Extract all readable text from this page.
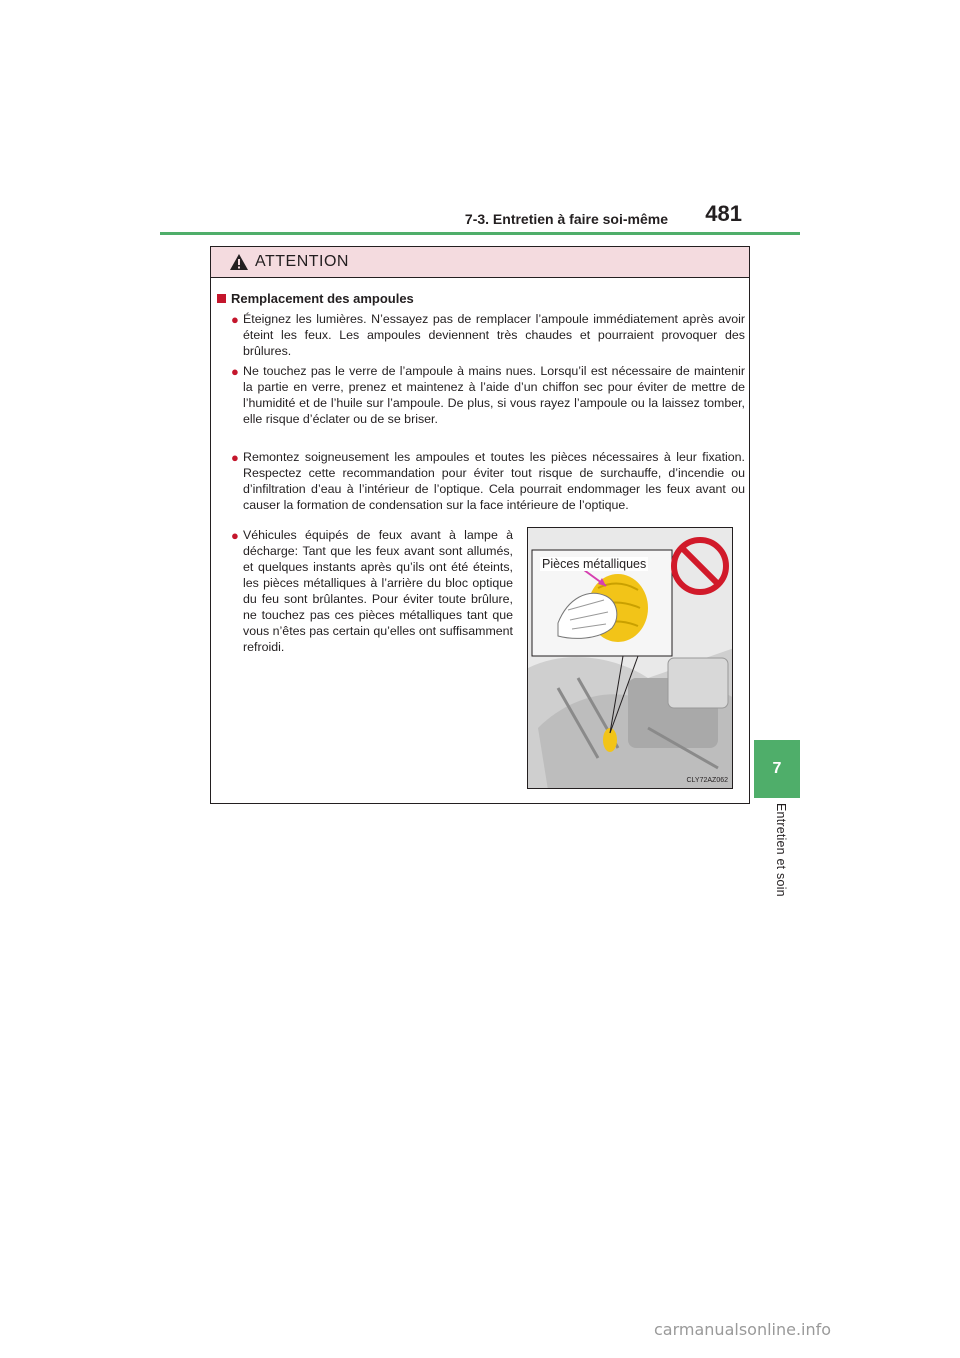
7-3. Entretien à faire soi-même 481
7
Entretien et soin
ATTENTION
Remplacement des ampoules
● Éteignez les lumières. N’essayez pas de remplacer l’ampoule immédiatement après avoir éteint les feux. Les ampoules deviennent très chaudes et pourraient provoquer des brûlures.

● Ne touchez pas le verre de l’ampoule à mains nues. Lorsqu’il est nécessaire de maintenir la partie en verre, prenez et maintenez à l’aide d’un chiffon sec pour éviter de mettre de l’humidité et de l’huile sur l’ampoule. De plus, si vous rayez l’ampoule ou la laissez tomber, elle risque d’éclater ou de se briser.

● Remontez soigneusement les ampoules et toutes les pièces nécessaires à leur fixation. Respectez cette recommandation pour éviter tout risque de surchauffe, d’incendie ou d’infiltration d’eau à l’intérieur de l’optique. Cela pourrait endommager les feux avant ou causer la formation de condensation sur la face intérieure de l’optique.

● Véhicules équipés de feux avant à lampe à décharge: Tant que les feux avant sont allumés, et quelques instants après qu’ils ont été éteints, les pièces métalliques à l’arrière du bloc optique du feu sont brûlantes. Pour éviter toute brûlure, ne touchez pas ces pièces métalliques tant que vous n’êtes pas certain qu’elles ont suffisamment refroidi.

Pièces métalliques
CLY72AZ062
carmanualsonline.info
